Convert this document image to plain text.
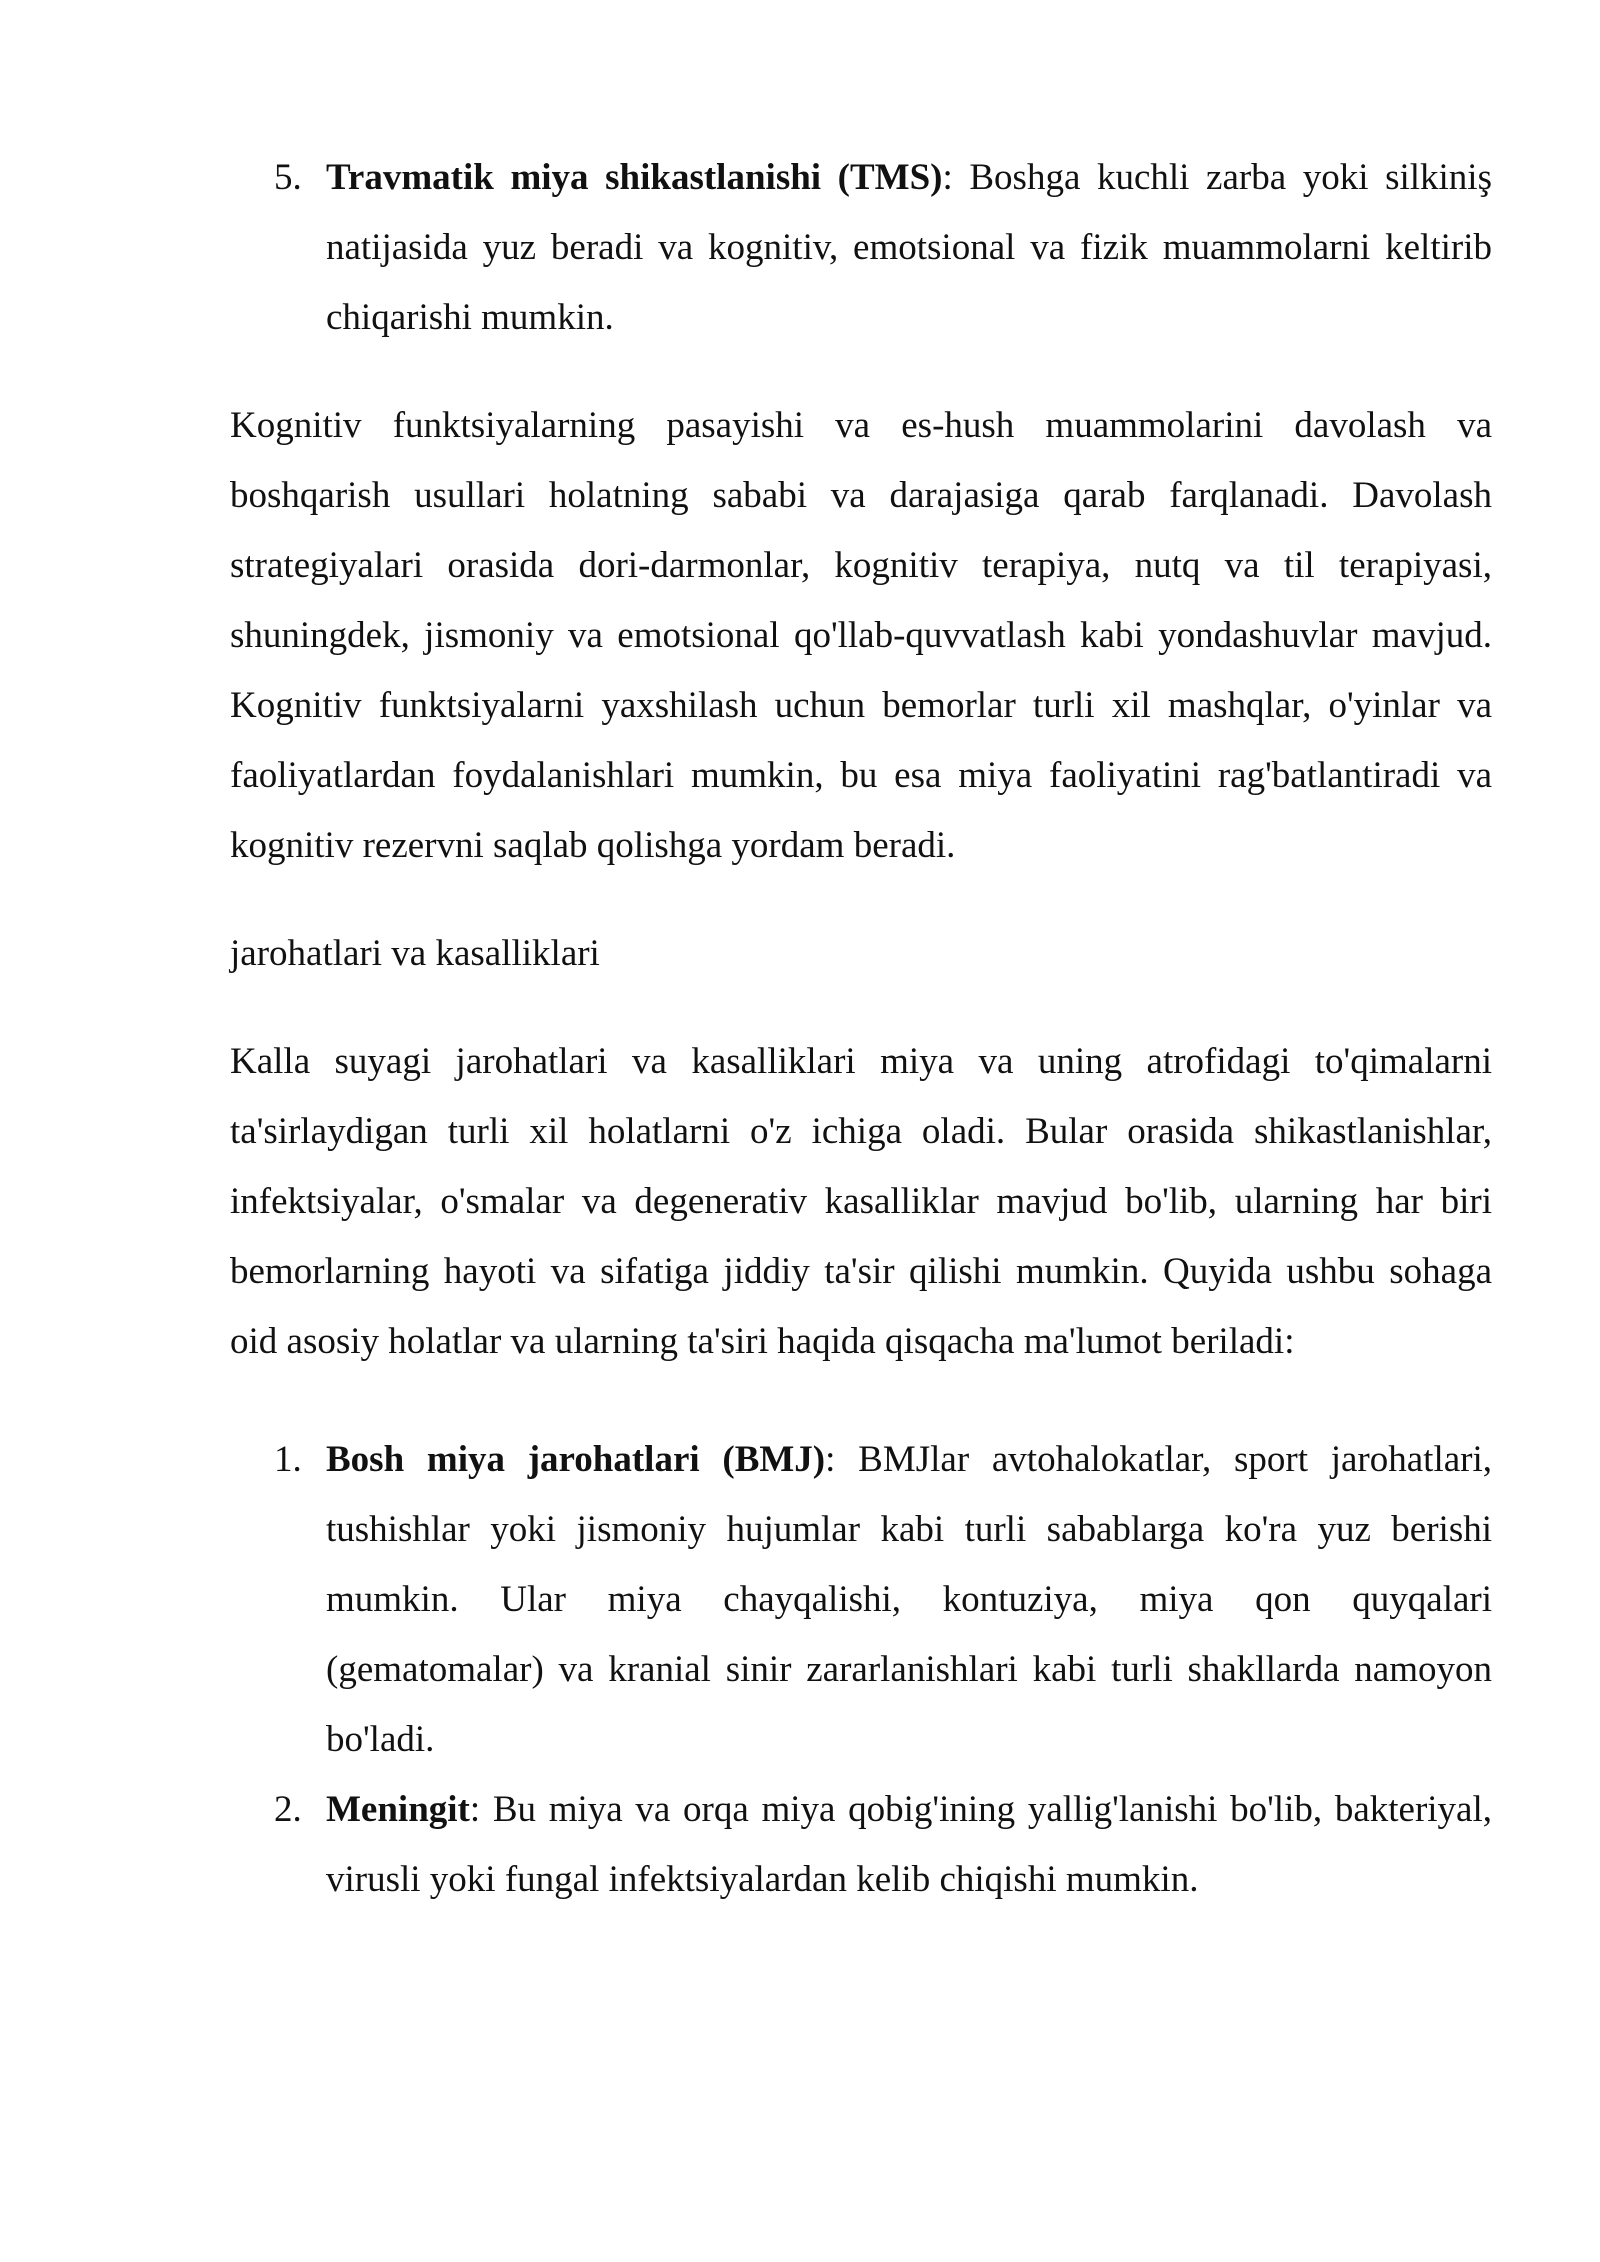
5. Travmatik miya shikastlanishi (TMS): Boshga kuchli zarba yoki silkiniş natijasida yuz beradi va kognitiv, emotsional va fizik muammolarni keltirib chiqarishi mumkin.

Kognitiv funktsiyalarning pasayishi va es-hush muammolarini davolash va boshqarish usullari holatning sababi va darajasiga qarab farqlanadi. Davolash strategiyalari orasida dori-darmonlar, kognitiv terapiya, nutq va til terapiyasi, shuningdek, jismoniy va emotsional qo'llab-quvvatlash kabi yondashuvlar mavjud. Kognitiv funktsiyalarni yaxshilash uchun bemorlar turli xil mashqlar, o'yinlar va faoliyatlardan foydalanishlari mumkin, bu esa miya faoliyatini rag'batlantiradi va kognitiv rezervni saqlab qolishga yordam beradi.

jarohatlari va kasalliklari

Kalla suyagi jarohatlari va kasalliklari miya va uning atrofidagi to'qimalarni ta'sirlaydigan turli xil holatlarni o'z ichiga oladi. Bular orasida shikastlanishlar, infektsiyalar, o'smalar va degenerativ kasalliklar mavjud bo'lib, ularning har biri bemorlarning hayoti va sifatiga jiddiy ta'sir qilishi mumkin. Quyida ushbu sohaga oid asosiy holatlar va ularning ta'siri haqida qisqacha ma'lumot beriladi:

1. Bosh miya jarohatlari (BMJ): BMJlar avtohalokatlar, sport jarohatlari, tushishlar yoki jismoniy hujumlar kabi turli sabablarga ko'ra yuz berishi mumkin. Ular miya chayqalishi, kontuziya, miya qon quyqalari (gematomalar) va kranial sinir zararlanishlari kabi turli shakllarda namoyon bo'ladi.
2. Meningit: Bu miya va orqa miya qobig'ining yallig'lanishi bo'lib, bakteriyal, virusli yoki fungal infektsiyalardan kelib chiqishi mumkin.
